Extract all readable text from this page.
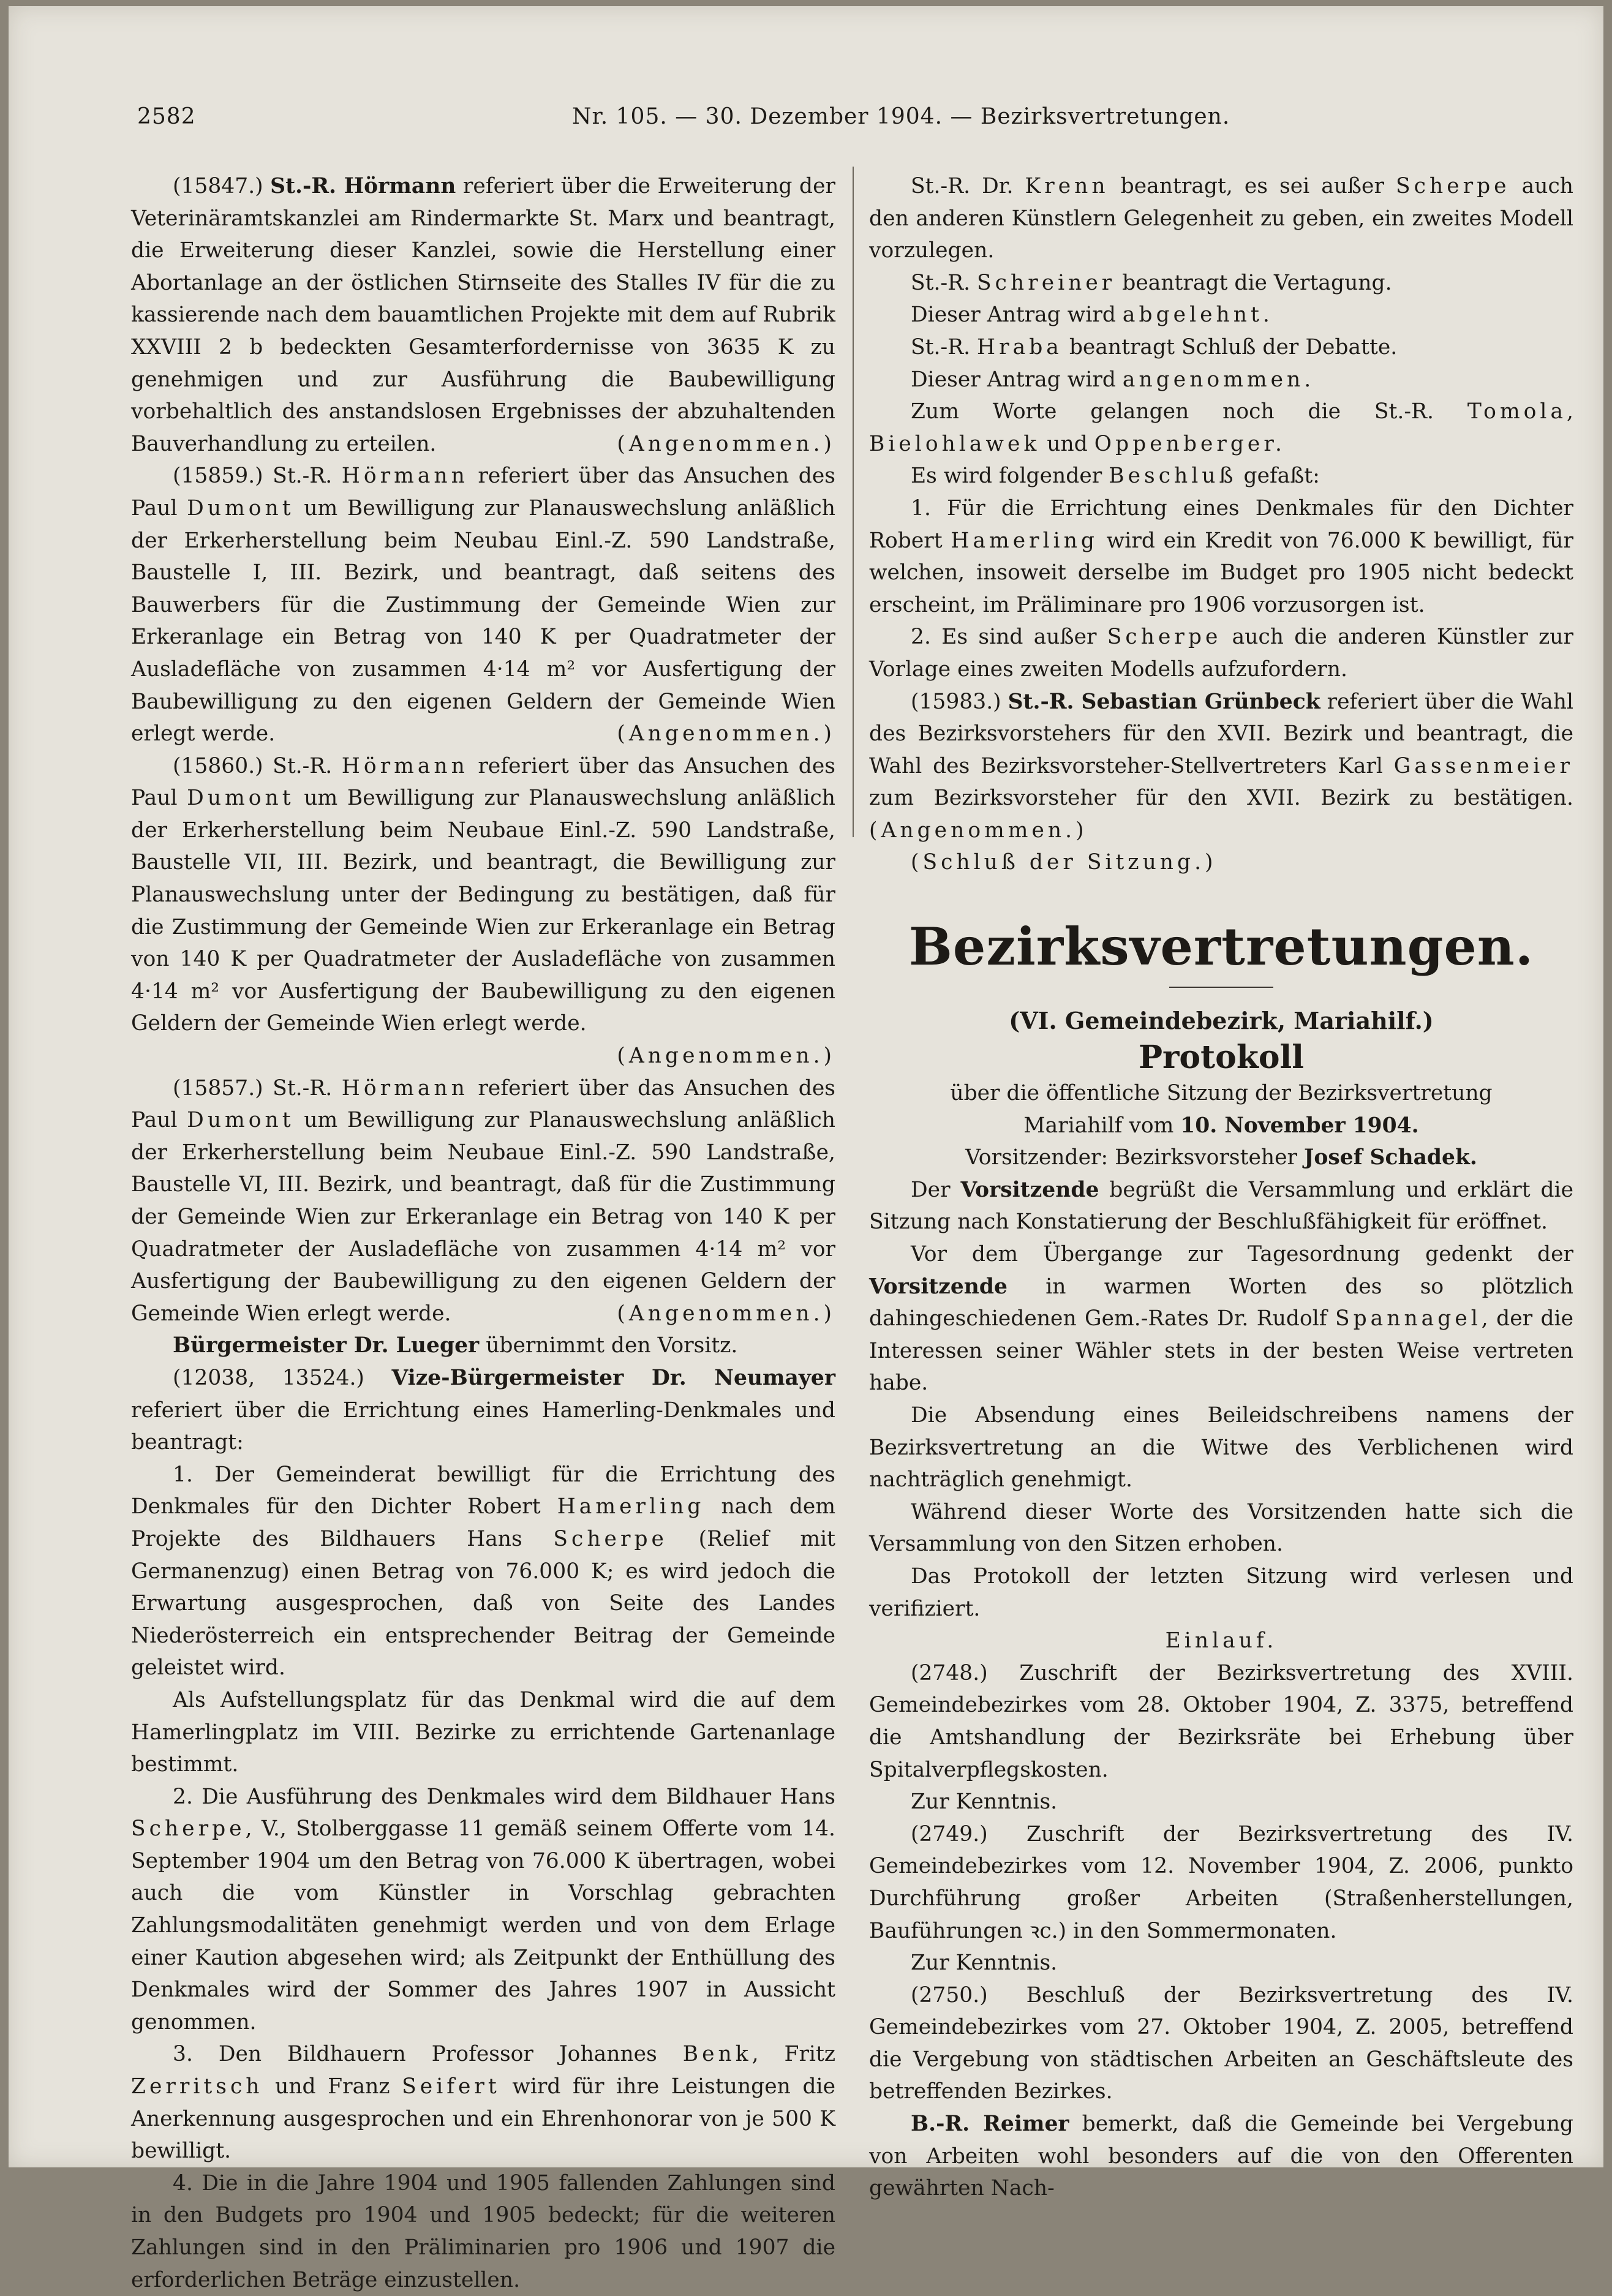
2582	Nr. 105. — 30. Dezember 1904. — Bezirksvertretungen.

(15847.) St.-R. Hörmann referiert über die Erweiterung der Veterinäramtskanzlei am Rindermarkte St. Marx und beantragt, die Erweiterung dieser Kanzlei, sowie die Herstellung einer Abortanlage an der östlichen Stirnseite des Stalles IV für die zu kassierende nach dem bauamtlichen Projekte mit dem auf Rubrik XXVIII 2 b bedeckten Gesamterfordernisse von 3635 K zu genehmigen und zur Ausführung die Baubewilligung vorbehaltlich des anstandslosen Ergebnisses der abzuhaltenden Bauverhandlung zu erteilen.	(Angenommen.)

(15859.) St.-R. Hörmann referiert über das Ansuchen des Paul Dumont um Bewilligung zur Planauswechslung anläßlich der Erkerherstellung beim Neubau Einl.-Z. 590 Landstraße, Baustelle I, III. Bezirk, und beantragt, daß seitens des Bauwerbers für die Zustimmung der Gemeinde Wien zur Erkeranlage ein Betrag von 140 K per Quadratmeter der Ausladefläche von zusammen 4·14 m² vor Ausfertigung der Baubewilligung zu den eigenen Geldern der Gemeinde Wien erlegt werde.	(Angenommen.)

(15860.) St.-R. Hörmann referiert über das Ansuchen des Paul Dumont um Bewilligung zur Planauswechslung anläßlich der Erkerherstellung beim Neubaue Einl.-Z. 590 Landstraße, Baustelle VII, III. Bezirk, und beantragt, die Bewilligung zur Planauswechslung unter der Bedingung zu bestätigen, daß für die Zustimmung der Gemeinde Wien zur Erkeranlage ein Betrag von 140 K per Quadratmeter der Ausladefläche von zusammen 4·14 m² vor Ausfertigung der Baubewilligung zu den eigenen Geldern der Gemeinde Wien erlegt werde.
(Angenommen.)

(15857.) St.-R. Hörmann referiert über das Ansuchen des Paul Dumont um Bewilligung zur Planauswechslung anläßlich der Erkerherstellung beim Neubaue Einl.-Z. 590 Landstraße, Baustelle VI, III. Bezirk, und beantragt, daß für die Zustimmung der Gemeinde Wien zur Erkeranlage ein Betrag von 140 K per Quadratmeter der Ausladefläche von zusammen 4·14 m² vor Ausfertigung der Baubewilligung zu den eigenen Geldern der Gemeinde Wien erlegt werde.	(Angenommen.)

Bürgermeister Dr. Lueger übernimmt den Vorsitz.

(12038, 13524.) Vize-Bürgermeister Dr. Neumayer referiert über die Errichtung eines Hamerling-Denkmales und beantragt:

1. Der Gemeinderat bewilligt für die Errichtung des Denkmales für den Dichter Robert Hamerling nach dem Projekte des Bildhauers Hans Scherpe (Relief mit Germanenzug) einen Betrag von 76.000 K; es wird jedoch die Erwartung ausgesprochen, daß von Seite des Landes Niederösterreich ein entsprechender Beitrag der Gemeinde geleistet wird.

Als Aufstellungsplatz für das Denkmal wird die auf dem Hamerlingplatz im VIII. Bezirke zu errichtende Gartenanlage bestimmt.

2. Die Ausführung des Denkmales wird dem Bildhauer Hans Scherpe, V., Stolberggasse 11 gemäß seinem Offerte vom 14. September 1904 um den Betrag von 76.000 K übertragen, wobei auch die vom Künstler in Vorschlag gebrachten Zahlungsmodalitäten genehmigt werden und von dem Erlage einer Kaution abgesehen wird; als Zeitpunkt der Enthüllung des Denkmales wird der Sommer des Jahres 1907 in Aussicht genommen.

3. Den Bildhauern Professor Johannes Benk, Fritz Zerritsch und Franz Seifert wird für ihre Leistungen die Anerkennung ausgesprochen und ein Ehrenhonorar von je 500 K bewilligt.

4. Die in die Jahre 1904 und 1905 fallenden Zahlungen sind in den Budgets pro 1904 und 1905 bedeckt; für die weiteren Zahlungen sind in den Präliminarien pro 1906 und 1907 die erforderlichen Beträge einzustellen.

St.-R. Dr. Krenn beantragt, es sei außer Scherpe auch den anderen Künstlern Gelegenheit zu geben, ein zweites Modell vorzulegen.

St.-R. Schreiner beantragt die Vertagung.

Dieser Antrag wird abgelehnt.

St.-R. Hraba beantragt Schluß der Debatte.

Dieser Antrag wird angenommen.

Zum Worte gelangen noch die St.-R. Tomola, Bielohlawek und Oppenberger.

Es wird folgender Beschluß gefaßt:

1. Für die Errichtung eines Denkmales für den Dichter Robert Hamerling wird ein Kredit von 76.000 K bewilligt, für welchen, insoweit derselbe im Budget pro 1905 nicht bedeckt erscheint, im Präliminare pro 1906 vorzusorgen ist.

2. Es sind außer Scherpe auch die anderen Künstler zur Vorlage eines zweiten Modells aufzufordern.

(15983.) St.-R. Sebastian Grünbeck referiert über die Wahl des Bezirksvorstehers für den XVII. Bezirk und beantragt, die Wahl des Bezirksvorsteher-Stellvertreters Karl Gassenmeier zum Bezirksvorsteher für den XVII. Bezirk zu bestätigen. (Angenommen.)

(Schluß der Sitzung.)

Bezirksvertretungen.
(VI. Gemeindebezirk, Mariahilf.)
Protokoll

über die öffentliche Sitzung der Bezirksvertretung

Mariahilf vom 10. November 1904.

Vorsitzender: Bezirksvorsteher Josef Schadek.

Der Vorsitzende begrüßt die Versammlung und erklärt die Sitzung nach Konstatierung der Beschlußfähigkeit für eröffnet.

Vor dem Übergange zur Tagesordnung gedenkt der Vorsitzende in warmen Worten des so plötzlich dahingeschiedenen Gem.-Rates Dr. Rudolf Spannagel, der die Interessen seiner Wähler stets in der besten Weise vertreten habe.

Die Absendung eines Beileidschreibens namens der Bezirksvertretung an die Witwe des Verblichenen wird nachträglich genehmigt.

Während dieser Worte des Vorsitzenden hatte sich die Versammlung von den Sitzen erhoben.

Das Protokoll der letzten Sitzung wird verlesen und verifiziert.

Einlauf.

(2748.) Zuschrift der Bezirksvertretung des XVIII. Gemeindebezirkes vom 28. Oktober 1904, Z. 3375, betreffend die Amtshandlung der Bezirksräte bei Erhebung über Spitalverpflegskosten.

Zur Kenntnis.

(2749.) Zuschrift der Bezirksvertretung des IV. Gemeindebezirkes vom 12. November 1904, Z. 2006, punkto Durchführung großer Arbeiten (Straßenherstellungen, Bauführungen ꝛc.) in den Sommermonaten.

Zur Kenntnis.

(2750.) Beschluß der Bezirksvertretung des IV. Gemeindebezirkes vom 27. Oktober 1904, Z. 2005, betreffend die Vergebung von städtischen Arbeiten an Geschäftsleute des betreffenden Bezirkes.

B.-R. Reimer bemerkt, daß die Gemeinde bei Vergebung von Arbeiten wohl besonders auf die von den Offerenten gewährten Nach-
